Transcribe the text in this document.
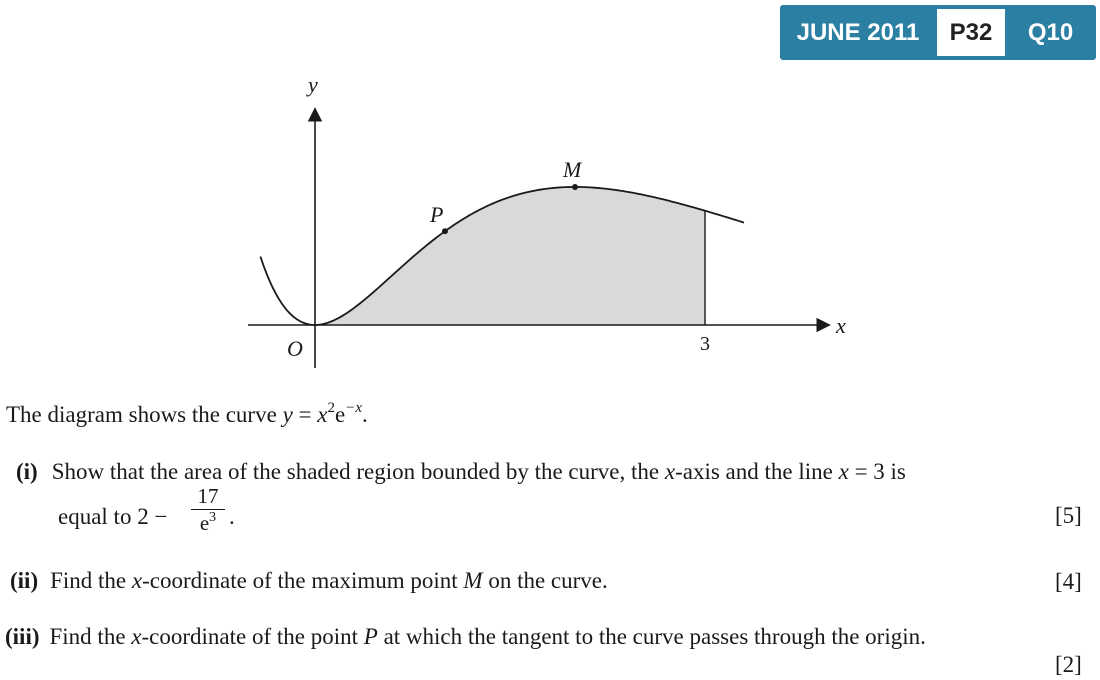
JUNE 2011	P32	Q10
y
x
O
M
P
3
The diagram shows the curve $y = x^2e^{-x}$.
(i) Show that the area of the shaded region bounded by the curve, the x-axis and the line x = 3 is
equal to 2 −
17
$e^3$ .	[5]
(ii) Find the x-coordinate of the maximum point M on the curve.	[4]
(iii) Find the x-coordinate of the point P at which the tangent to the curve passes through the origin.
[2]
